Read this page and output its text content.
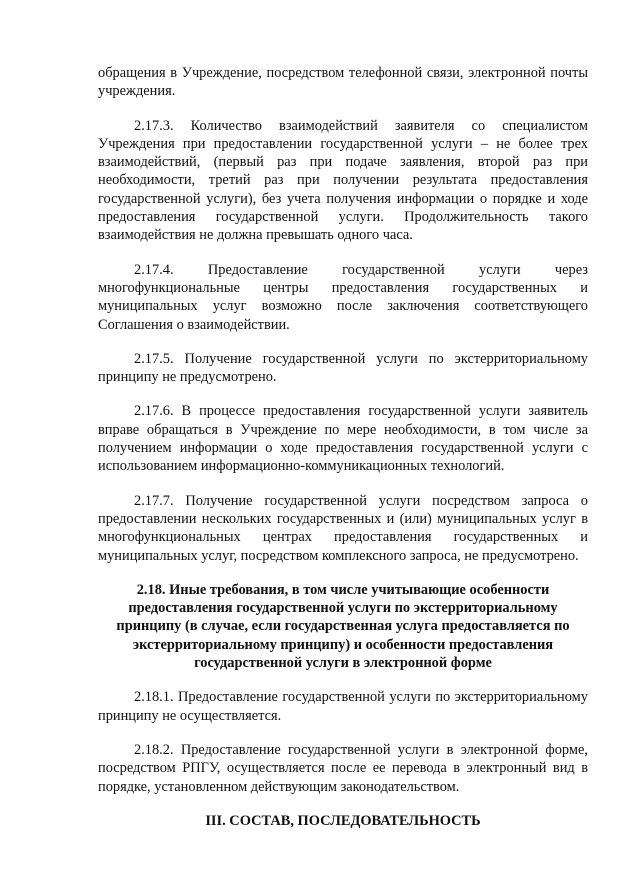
обращения в Учреждение, посредством телефонной связи, электронной почты учреждения.

2.17.3. Количество взаимодействий заявителя со специалистом Учреждения при предоставлении государственной услуги – не более трех взаимодействий, (первый раз при подаче заявления, второй раз при необходимости, третий раз при получении результата предоставления государственной услуги), без учета получения информации о порядке и ходе предоставления государственной услуги. Продолжительность такого взаимодействия не должна превышать одного часа.

2.17.4. Предоставление государственной услуги через многофункциональные центры предоставления государственных и муниципальных услуг возможно после заключения соответствующего Соглашения о взаимодействии.

2.17.5. Получение государственной услуги по экстерриториальному принципу не предусмотрено.

2.17.6. В процессе предоставления государственной услуги заявитель вправе обращаться в Учреждение по мере необходимости, в том числе за получением информации о ходе предоставления государственной услуги с использованием информационно-коммуникационных технологий.

2.17.7. Получение государственной услуги посредством запроса о предоставлении нескольких государственных и (или) муниципальных услуг в многофункциональных центрах предоставления государственных и муниципальных услуг, посредством комплексного запроса, не предусмотрено.

2.18. Иные требования, в том числе учитывающие особенности предоставления государственной услуги по экстерриториальному принципу (в случае, если государственная услуга предоставляется по экстерриториальному принципу) и особенности предоставления государственной услуги в электронной форме

2.18.1. Предоставление государственной услуги по экстерриториальному принципу не осуществляется.

2.18.2. Предоставление государственной услуги в электронной форме, посредством РПГУ, осуществляется после ее перевода в электронный вид в порядке, установленном действующим законодательством.

III. СОСТАВ, ПОСЛЕДОВАТЕЛЬНОСТЬ
